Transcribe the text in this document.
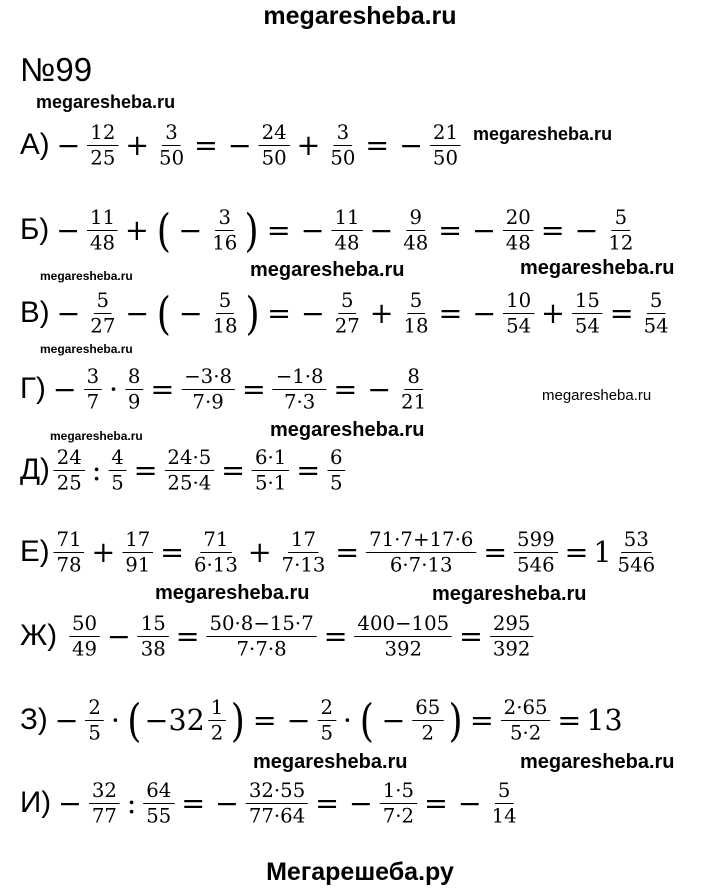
megaresheba.ru
№99
megaresheba.ru
megaresheba.ru
megaresheba.ru	megaresheba.ru	megaresheba.ru
megaresheba.ru
megaresheba.ru
megaresheba.ru	megaresheba.ru
megaresheba.ru	megaresheba.ru
megaresheba.ru	megaresheba.ru
$А) - \frac{12}{25} + \frac{3}{50}$ = − $\frac{24}{50} + \frac{3}{50}$ = − $\frac{21}{50}$
$Б) - \frac{11}{48}$ + ( − $\frac{3}{16}$ ) = − $\frac{11}{48} - \frac{9}{48}$ = − $\frac{20}{48}$ = − $\frac{5}{12}$
$В) - \frac{5}{27}$ − ( − $\frac{5}{18}$ ) = − $\frac{5}{27} + \frac{5}{18}$ = − $\frac{10}{54} + \frac{15}{54} = \frac{5}{54}$
$Г) - \frac{3}{7} \cdot \frac{8}{9} = \frac{-3\cdot 8}{7\cdot 9} = \frac{-1\cdot 8}{7\cdot 3}$ = − $\frac{8}{21}$
$Д) \frac{24}{25}$ : $\frac{4}{5} = \frac{24\cdot 5}{25\cdot 4} = \frac{6\cdot 1}{5\cdot 1} = \frac{6}{5}$
$Е) \frac{71}{78} + \frac{17}{91} = \frac{71}{6\cdot 13} + \frac{17}{7\cdot 13} = \frac{71\cdot 7+17\cdot 6}{6\cdot 7\cdot 13} = \frac{599}{546} = 1 \frac{53}{546}$
$Ж) \frac{50}{49} - \frac{15}{38} = \frac{50\cdot 8-15\cdot 7}{7\cdot 7\cdot 8} = \frac{400-105}{392} = \frac{295}{392}$
$З) - \frac{2}{5}$ · ( $-32 \frac{1}{2}$ ) = − $\frac{2}{5}$ · ( − $\frac{65}{2}$ ) = $\frac{2\cdot 65}{5\cdot 2} = 13$
$И) - \frac{32}{77}$ : $\frac{64}{55}$ = − $\frac{32\cdot 55}{77\cdot 64}$ = − $\frac{1\cdot 5}{7\cdot 2}$ = − $\frac{5}{14}$
Мегарешеба.ру
